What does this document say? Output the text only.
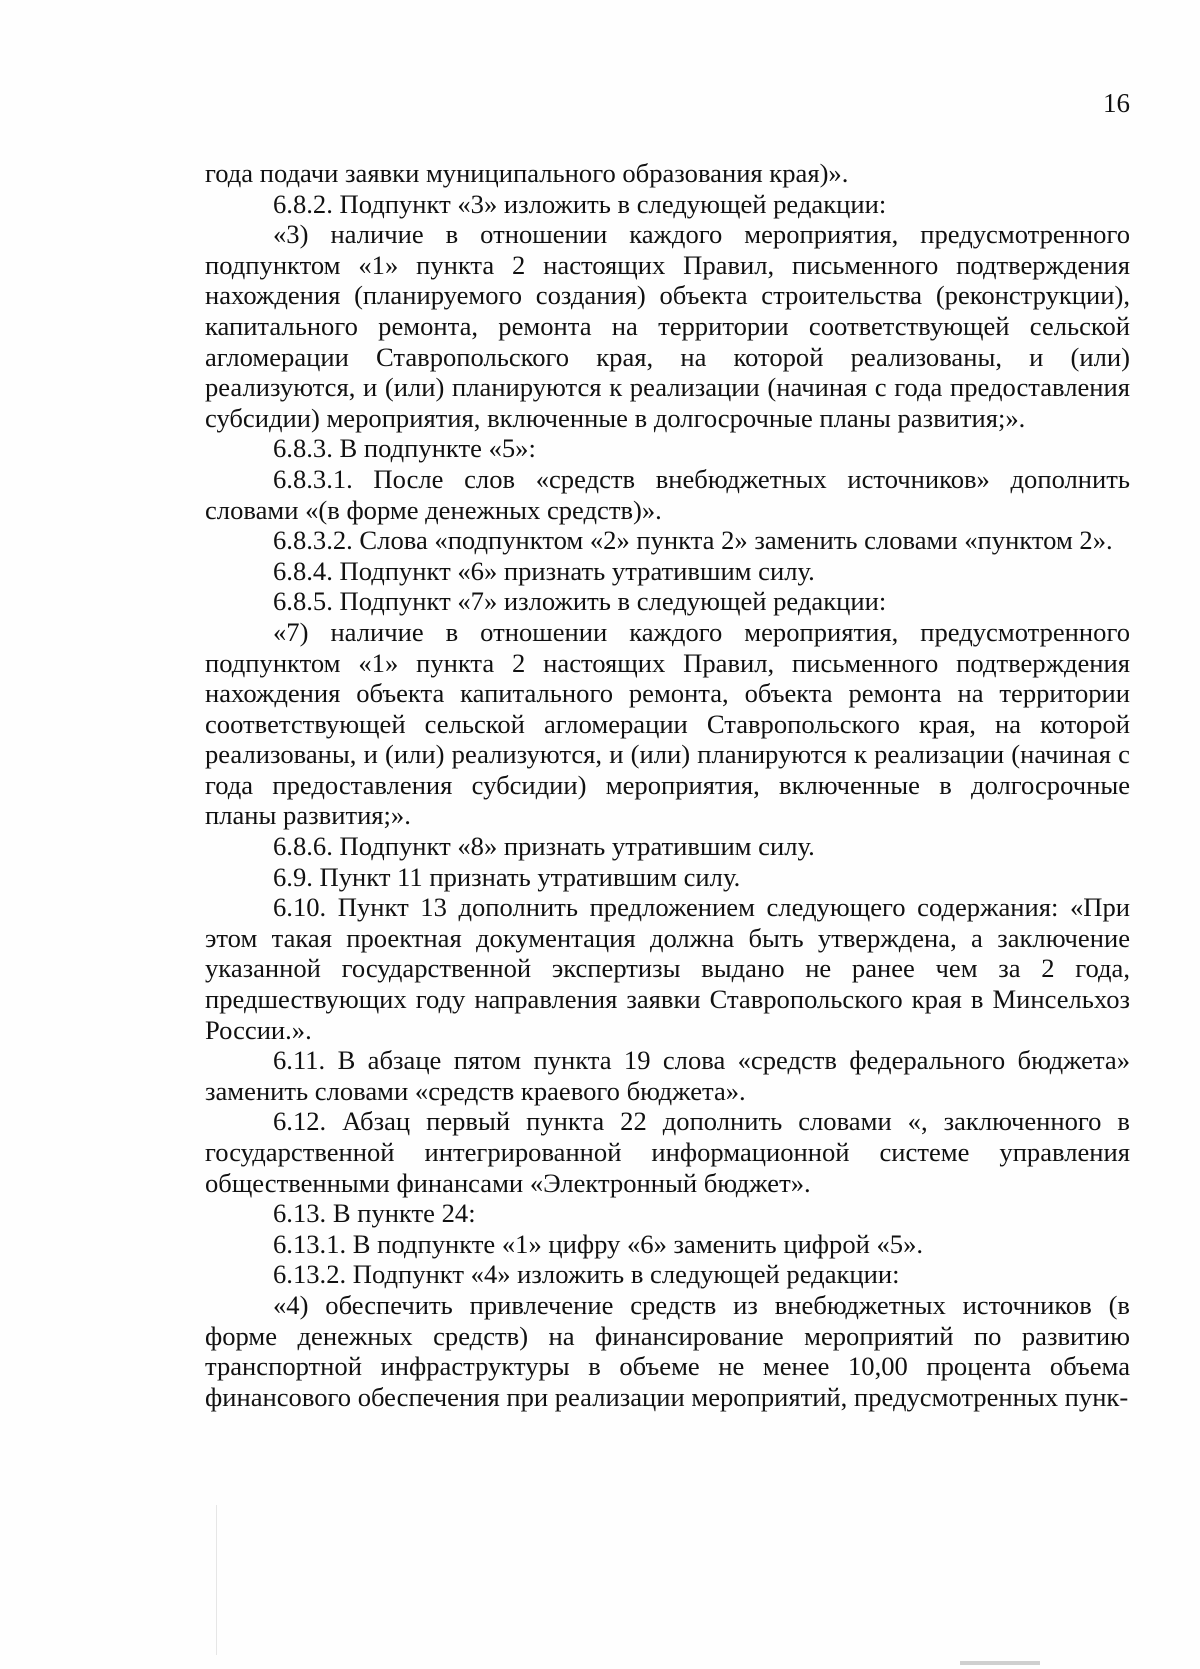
16

года подачи заявки муниципального образования края)».

6.8.2. Подпункт «3» изложить в следующей редакции:

«3) наличие в отношении каждого мероприятия, предусмотренного подпунктом «1» пункта 2 настоящих Правил, письменного подтверждения нахождения (планируемого создания) объекта строительства (реконструкции), капитального ремонта, ремонта на территории соответствующей сельской агломерации Ставропольского края, на которой реализованы, и (или) реализуются, и (или) планируются к реализации (начиная с года предоставления субсидии) мероприятия, включенные в долгосрочные планы развития;».

6.8.3. В подпункте «5»:

6.8.3.1. После слов «средств внебюджетных источников» дополнить словами «(в форме денежных средств)».

6.8.3.2. Слова «подпунктом «2» пункта 2» заменить словами «пунктом 2».

6.8.4. Подпункт «6» признать утратившим силу.

6.8.5. Подпункт «7» изложить в следующей редакции:

«7) наличие в отношении каждого мероприятия, предусмотренного подпунктом «1» пункта 2 настоящих Правил, письменного подтверждения нахождения объекта капитального ремонта, объекта ремонта на территории соответствующей сельской агломерации Ставропольского края, на которой реализованы, и (или) реализуются, и (или) планируются к реализации (начиная с года предоставления субсидии) мероприятия, включенные в долгосрочные планы развития;».

6.8.6. Подпункт «8» признать утратившим силу.

6.9. Пункт 11 признать утратившим силу.

6.10. Пункт 13 дополнить предложением следующего содержания: «При этом такая проектная документация должна быть утверждена, а заключение указанной государственной экспертизы выдано не ранее чем за 2 года, предшествующих году направления заявки Ставропольского края в Минсельхоз России.».

6.11. В абзаце пятом пункта 19 слова «средств федерального бюджета» заменить словами «средств краевого бюджета».

6.12. Абзац первый пункта 22 дополнить словами «, заключенного в государственной интегрированной информационной системе управления общественными финансами «Электронный бюджет».

6.13. В пункте 24:

6.13.1. В подпункте «1» цифру «6» заменить цифрой «5».

6.13.2. Подпункт «4» изложить в следующей редакции:

«4) обеспечить привлечение средств из внебюджетных источников (в форме денежных средств) на финансирование мероприятий по развитию транспортной инфраструктуры в объеме не менее 10,00 процента объема финансового обеспечения при реализации мероприятий, предусмотренных пунк-
